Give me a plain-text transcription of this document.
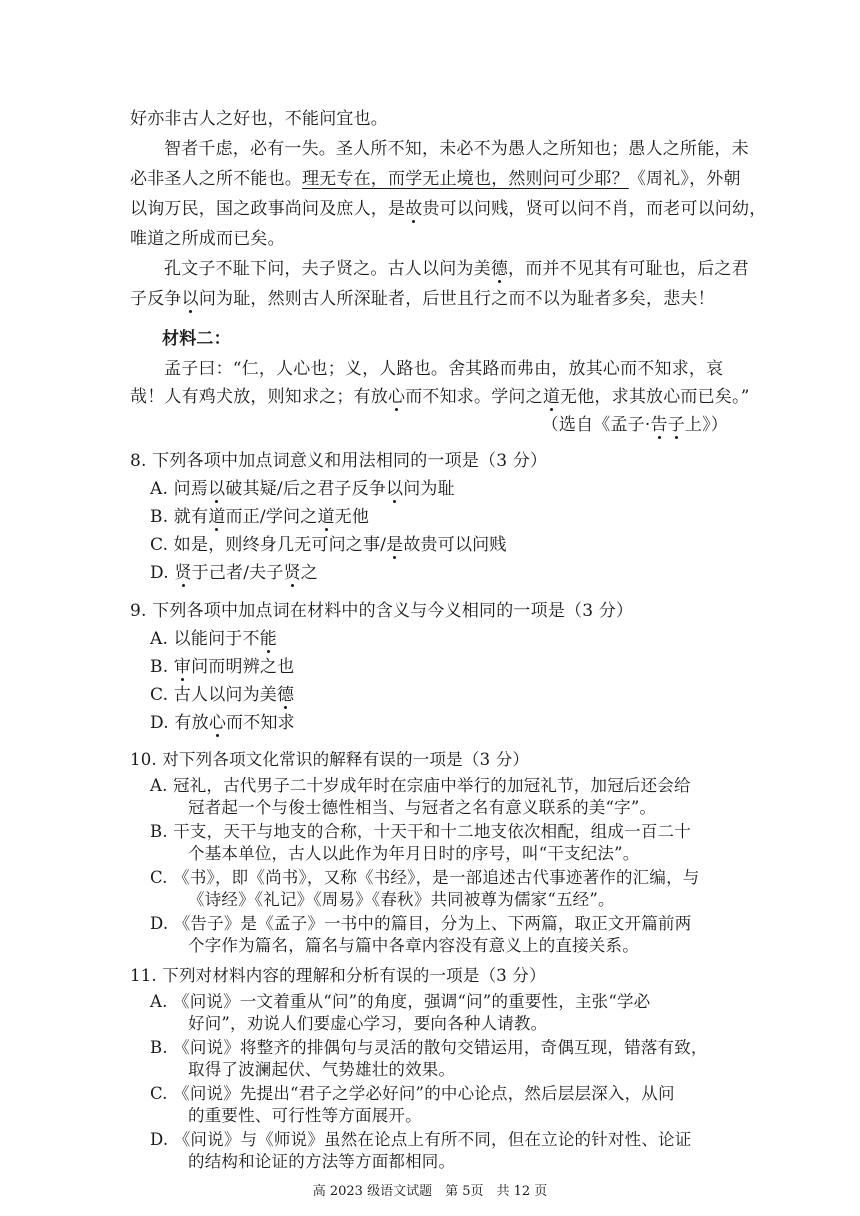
好亦非古人之好也，不能问宜也。
智者千虑，必有一失。圣人所不知，未必不为愚人之所知也；愚人之所能，未
必非圣人之所不能也。理无专在，而学无止境也，然则问可少耶？《周礼》，外朝
以询万民，国之政事尚问及庶人，是故贵可以问贱，贤可以问不肖，而老可以问幼，
唯道之所成而已矣。
孔文子不耻下问，夫子贤之。古人以问为美德，而并不见其有可耻也，后之君
子反争以问为耻，然则古人所深耻者，后世且行之而不以为耻者多矣，悲夫！
材料二：
孟子曰：“仁，人心也；义，人路也。舍其路而弗由，放其心而不知求，哀
哉！人有鸡犬放，则知求之；有放心而不知求。学问之道无他，求其放心而已矣。”
（选自《孟子·告子上》）
8. 下列各项中加点词意义和用法相同的一项是（3 分）
A. 问焉以破其疑/后之君子反争以问为耻
B. 就有道而正/学问之道无他
C. 如是，则终身几无可问之事/是故贵可以问贱
D. 贤于己者/夫子贤之
9. 下列各项中加点词在材料中的含义与今义相同的一项是（3 分）
A. 以能问于不能
B. 审问而明辨之也
C. 古人以问为美德
D. 有放心而不知求
10. 对下列各项文化常识的解释有误的一项是（3 分）
A. 冠礼，古代男子二十岁成年时在宗庙中举行的加冠礼节，加冠后还会给
冠者起一个与俊士德性相当、与冠者之名有意义联系的美“字”。
B. 干支，天干与地支的合称，十天干和十二地支依次相配，组成一百二十
个基本单位，古人以此作为年月日时的序号，叫“干支纪法”。
C. 《书》，即《尚书》，又称《书经》，是一部追述古代事迹著作的汇编，与
《诗经》《礼记》《周易》《春秋》共同被尊为儒家“五经”。
D. 《告子》是《孟子》一书中的篇目，分为上、下两篇，取正文开篇前两
个字作为篇名，篇名与篇中各章内容没有意义上的直接关系。
11. 下列对材料内容的理解和分析有误的一项是（3 分）
A. 《问说》一文着重从“问”的角度，强调“问”的重要性，主张“学必
好问”，劝说人们要虚心学习，要向各种人请教。
B. 《问说》将整齐的排偶句与灵活的散句交错运用，奇偶互现，错落有致，
取得了波澜起伏、气势雄壮的效果。
C. 《问说》先提出“君子之学必好问”的中心论点，然后层层深入，从问
的重要性、可行性等方面展开。
D. 《问说》与《师说》虽然在论点上有所不同，但在立论的针对性、论证
的结构和论证的方法等方面都相同。
高 2023 级语文试题　第 5页　共 12 页
